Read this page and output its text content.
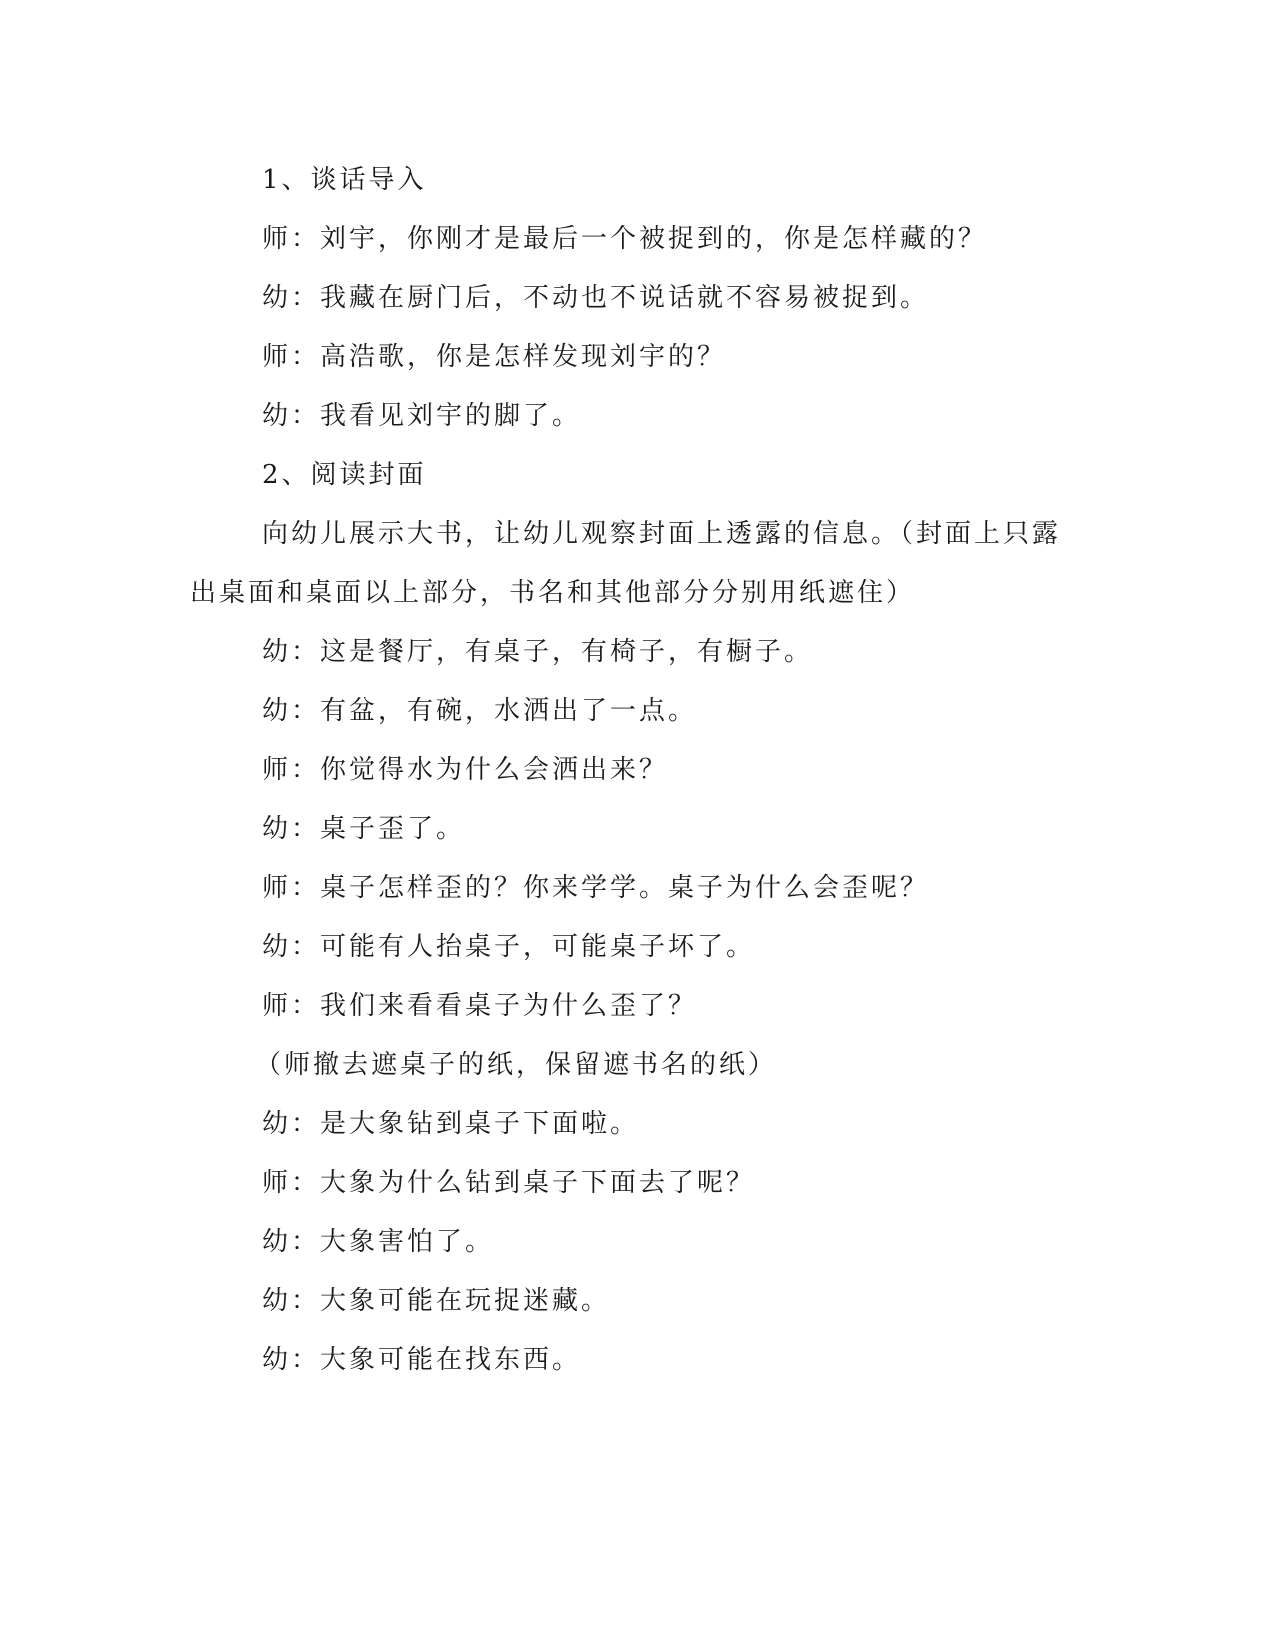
1、谈话导入
师：刘宇，你刚才是最后一个被捉到的，你是怎样藏的？
幼：我藏在厨门后，不动也不说话就不容易被捉到。
师：高浩歌，你是怎样发现刘宇的？
幼：我看见刘宇的脚了。
2、阅读封面
向幼儿展示大书，让幼儿观察封面上透露的信息。（封面上只露
出桌面和桌面以上部分，书名和其他部分分别用纸遮住）
幼：这是餐厅，有桌子，有椅子，有橱子。
幼：有盆，有碗，水洒出了一点。
师：你觉得水为什么会洒出来？
幼：桌子歪了。
师：桌子怎样歪的？你来学学。桌子为什么会歪呢？
幼：可能有人抬桌子，可能桌子坏了。
师：我们来看看桌子为什么歪了？
（师撤去遮桌子的纸，保留遮书名的纸）
幼：是大象钻到桌子下面啦。
师：大象为什么钻到桌子下面去了呢？
幼：大象害怕了。
幼：大象可能在玩捉迷藏。
幼：大象可能在找东西。
